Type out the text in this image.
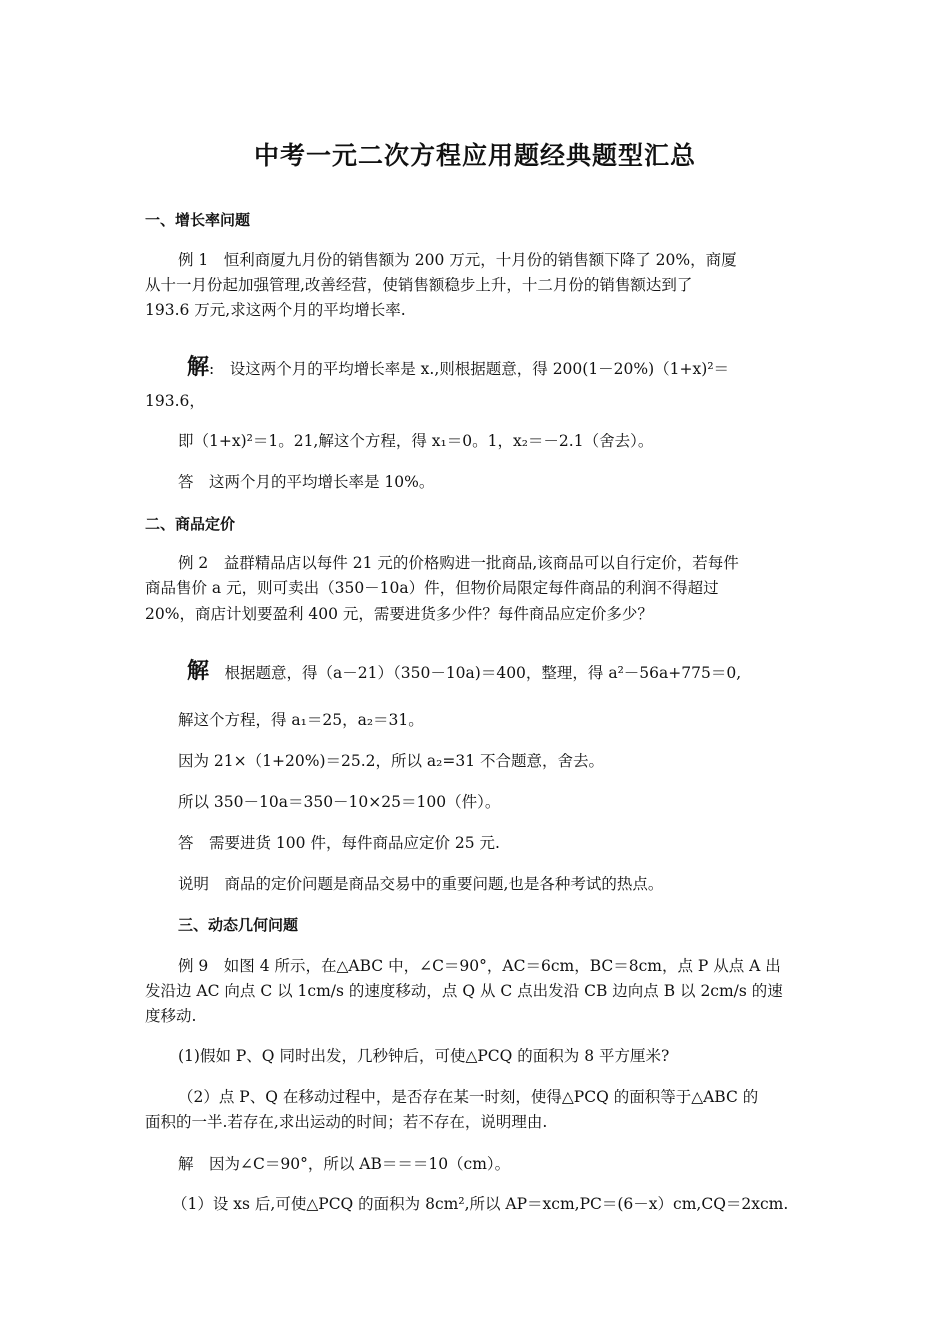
中考一元二次方程应用题经典题型汇总
一、增长率问题
例 1　恒利商厦九月份的销售额为 200 万元，十月份的销售额下降了 20%，商厦
从十一月份起加强管理,改善经营，使销售额稳步上升，十二月份的销售额达到了
193.6 万元,求这两个月的平均增长率.
解:　设这两个月的平均增长率是 x.,则根据题意，得 200(1－20%)（1+x)²＝
193.6，
即（1+x)²＝1。21,解这个方程，得 x₁＝0。1，x₂＝－2.1（舍去）。
答　这两个月的平均增长率是 10%。
二、商品定价
例 2　益群精品店以每件 21 元的价格购进一批商品,该商品可以自行定价，若每件
商品售价 a 元，则可卖出（350－10a）件，但物价局限定每件商品的利润不得超过
20%，商店计划要盈利 400 元，需要进货多少件？每件商品应定价多少？
解　根据题意，得（a－21）（350－10a)＝400，整理，得 a²－56a+775＝0,
解这个方程，得 a₁＝25，a₂＝31。
因为 21×（1+20%)＝25.2，所以 a₂=31 不合题意，舍去。
所以 350－10a＝350－10×25＝100（件）。
答　需要进货 100 件，每件商品应定价 25 元.
说明　商品的定价问题是商品交易中的重要问题,也是各种考试的热点。
三、动态几何问题
例 9　如图 4 所示，在△ABC 中，∠C＝90°，AC＝6cm，BC＝8cm，点 P 从点 A 出
发沿边 AC 向点 C 以 1cm/s 的速度移动，点 Q 从 C 点出发沿 CB 边向点 B 以 2cm/s 的速
度移动.
(1)假如 P、Q 同时出发，几秒钟后，可使△PCQ 的面积为 8 平方厘米?
（2）点 P、Q 在移动过程中，是否存在某一时刻，使得△PCQ 的面积等于△ABC 的
面积的一半.若存在,求出运动的时间；若不存在，说明理由.
解　因为∠C＝90°，所以 AB＝＝＝10（cm）。
（1）设 xs 后,可使△PCQ 的面积为 8cm²,所以 AP＝xcm,PC＝(6－x）cm,CQ＝2xcm.
